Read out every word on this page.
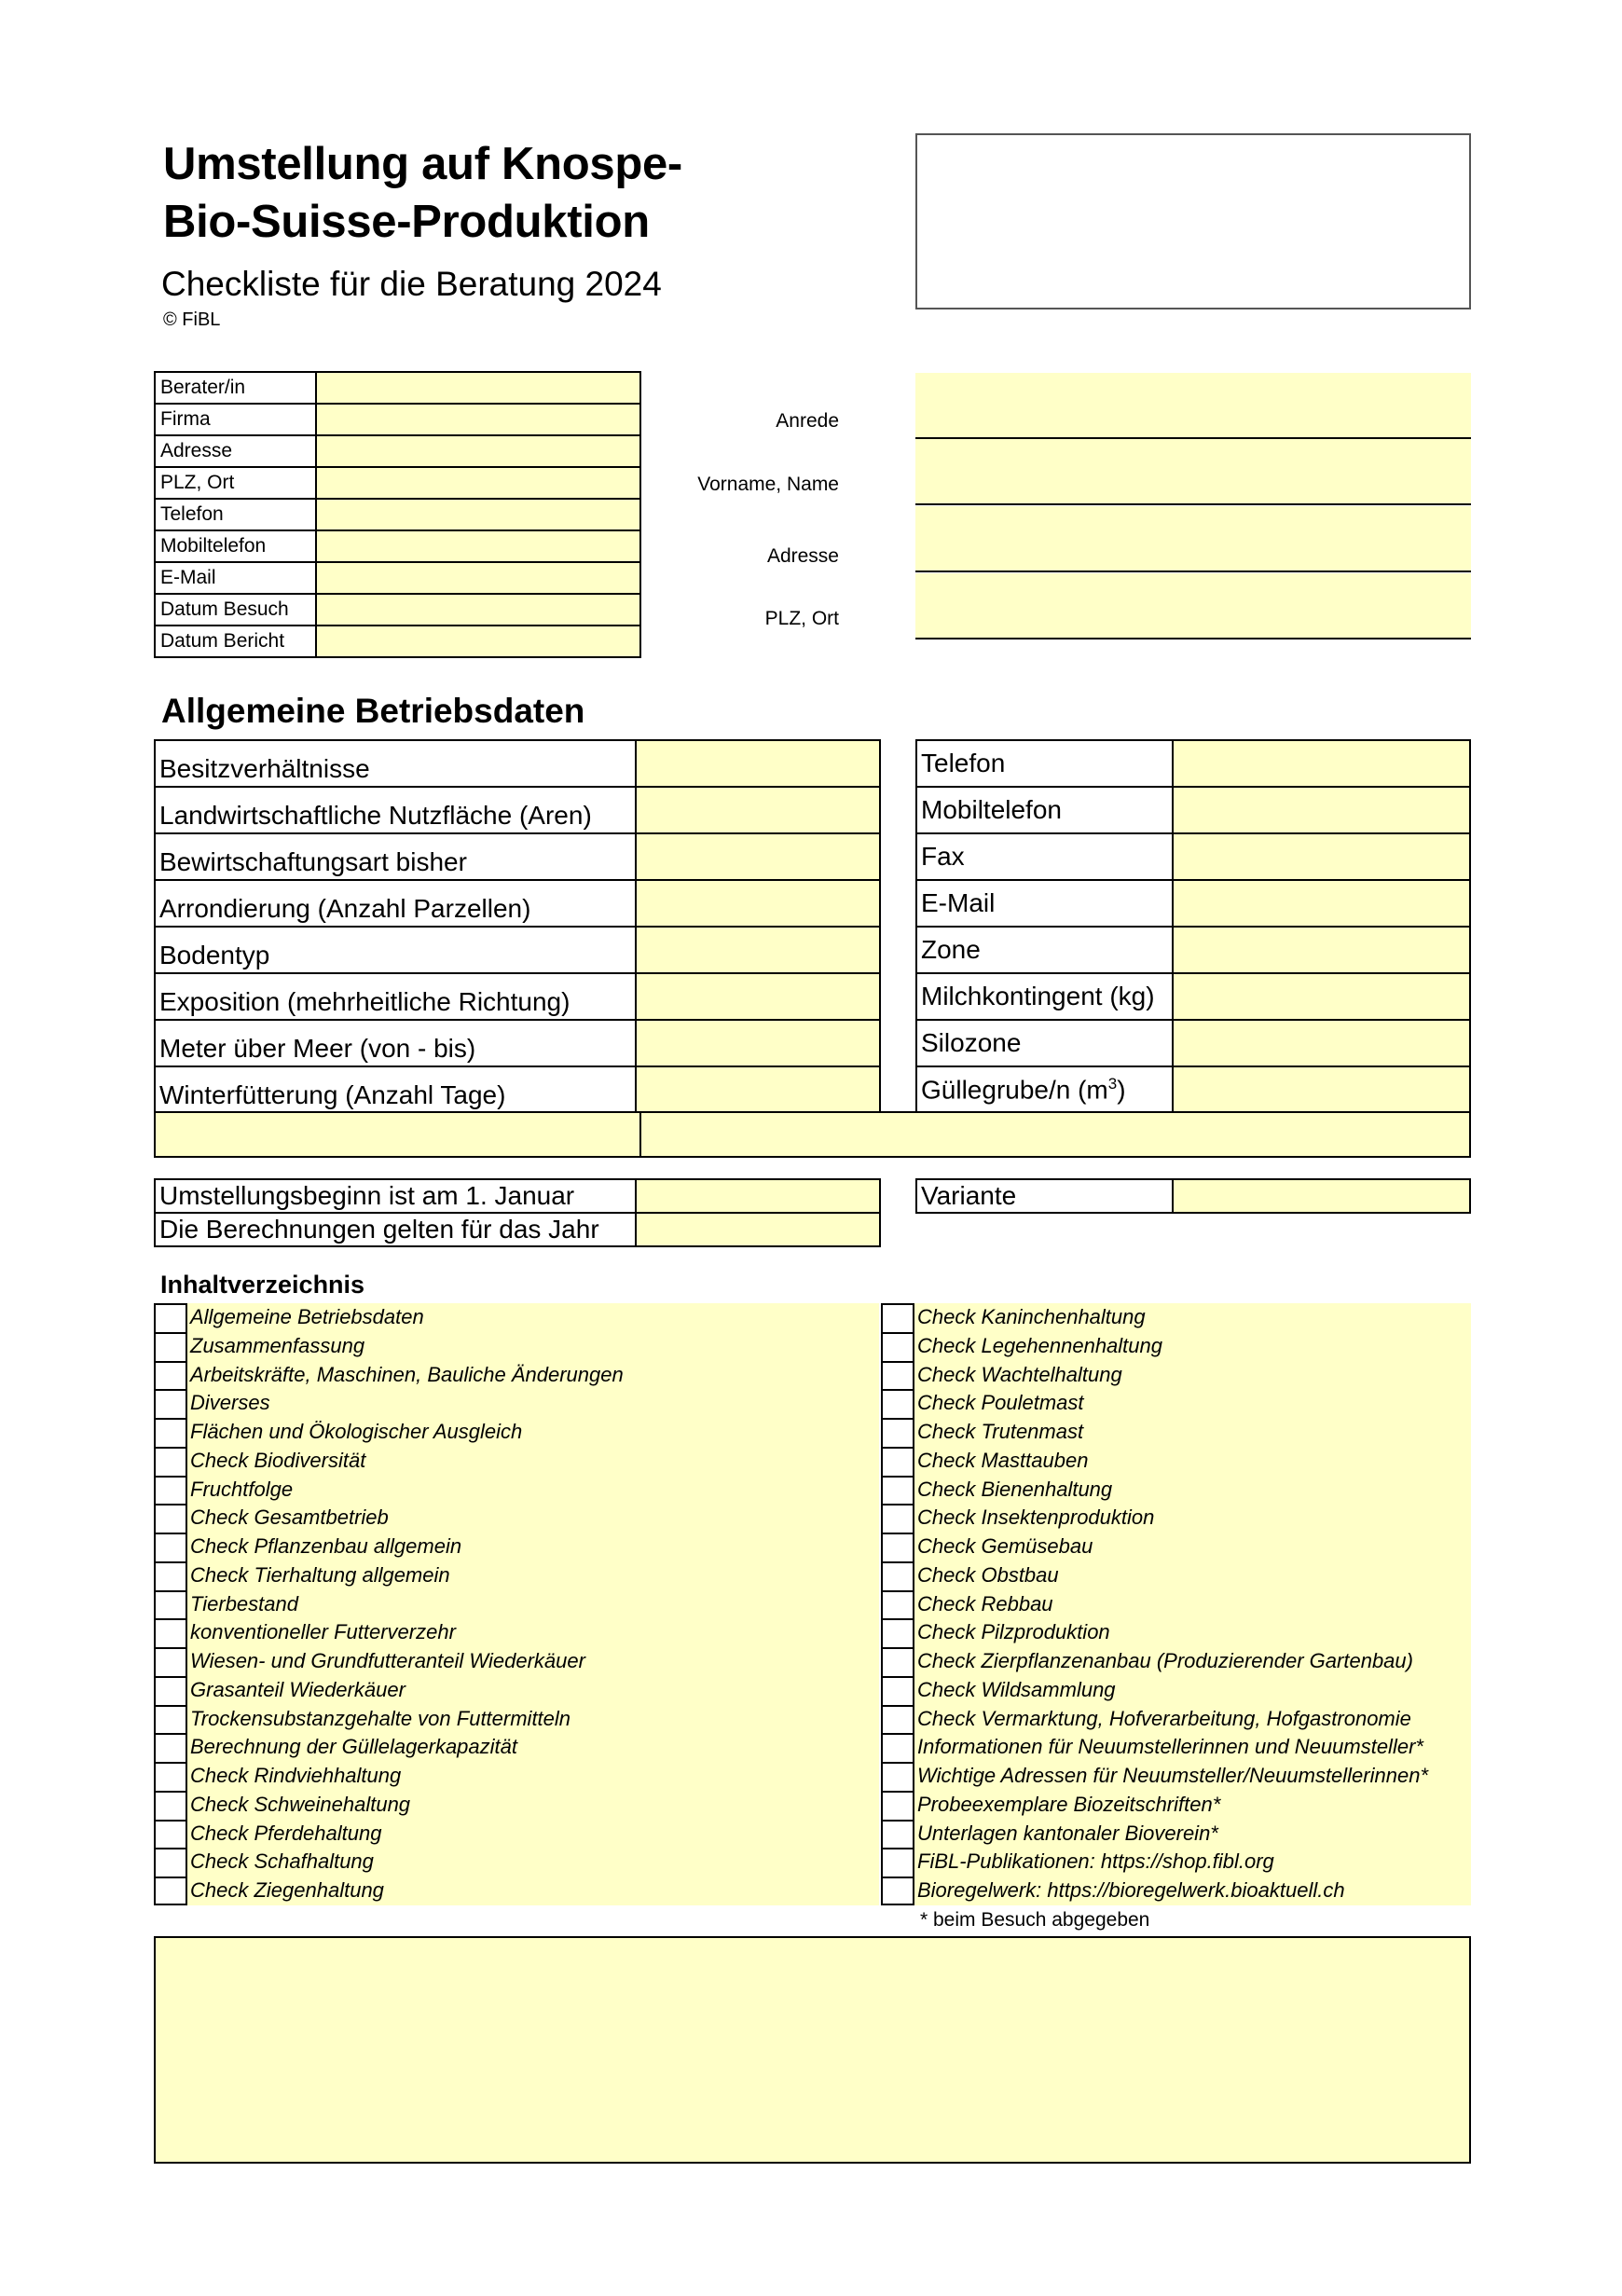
Umstellung auf Knospe-
Bio-Suisse-Produktion
Checkliste für die Beratung 2024
© FiBL
Berater/in	
Firma	
Adresse	
PLZ, Ort	
Telefon	
Mobiltelefon	
E-Mail	
Datum Besuch	
Datum Bericht	
Anrede
Vorname, Name
Adresse
PLZ, Ort
Allgemeine Betriebsdaten
Besitzverhältnisse	
Landwirtschaftliche Nutzfläche (Aren)	
Bewirtschaftungsart bisher	
Arrondierung (Anzahl Parzellen)	
Bodentyp	
Exposition (mehrheitliche Richtung)	
Meter über Meer (von - bis)	
Winterfütterung (Anzahl Tage)	
Telefon	
Mobiltelefon	
Fax	
E-Mail	
Zone	
Milchkontingent (kg)	
Silozone	
Güllegrube/n $(m^3)$	
Umstellungsbeginn ist am 1. Januar	
Die Berechnungen gelten für das Jahr	
Variante	
Inhaltverzeichnis
Allgemeine Betriebsdaten
Zusammenfassung
Arbeitskräfte, Maschinen, Bauliche Änderungen
Diverses
Flächen und Ökologischer Ausgleich
Check Biodiversität
Fruchtfolge
Check Gesamtbetrieb
Check Pflanzenbau allgemein
Check Tierhaltung allgemein
Tierbestand
konventioneller Futterverzehr
Wiesen- und Grundfutteranteil Wiederkäuer
Grasanteil Wiederkäuer
Trockensubstanzgehalte von Futtermitteln
Berechnung der Güllelagerkapazität
Check Rindviehhaltung
Check Schweinehaltung
Check Pferdehaltung
Check Schafhaltung
Check Ziegenhaltung
Check Kaninchenhaltung
Check Legehennenhaltung
Check Wachtelhaltung
Check Pouletmast
Check Trutenmast
Check Masttauben
Check Bienenhaltung
Check Insektenproduktion
Check Gemüsebau
Check Obstbau
Check Rebbau
Check Pilzproduktion
Check Zierpflanzenanbau (Produzierender Gartenbau)
Check Wildsammlung
Check Vermarktung, Hofverarbeitung, Hofgastronomie
Informationen für Neuumstellerinnen und Neuumsteller*
Wichtige Adressen für Neuumsteller/Neuumstellerinnen*
Probeexemplare Biozeitschriften*
Unterlagen kantonaler Bioverein*
FiBL-Publikationen: https://shop.fibl.org
Bioregelwerk: https://bioregelwerk.bioaktuell.ch
* beim Besuch abgegeben
